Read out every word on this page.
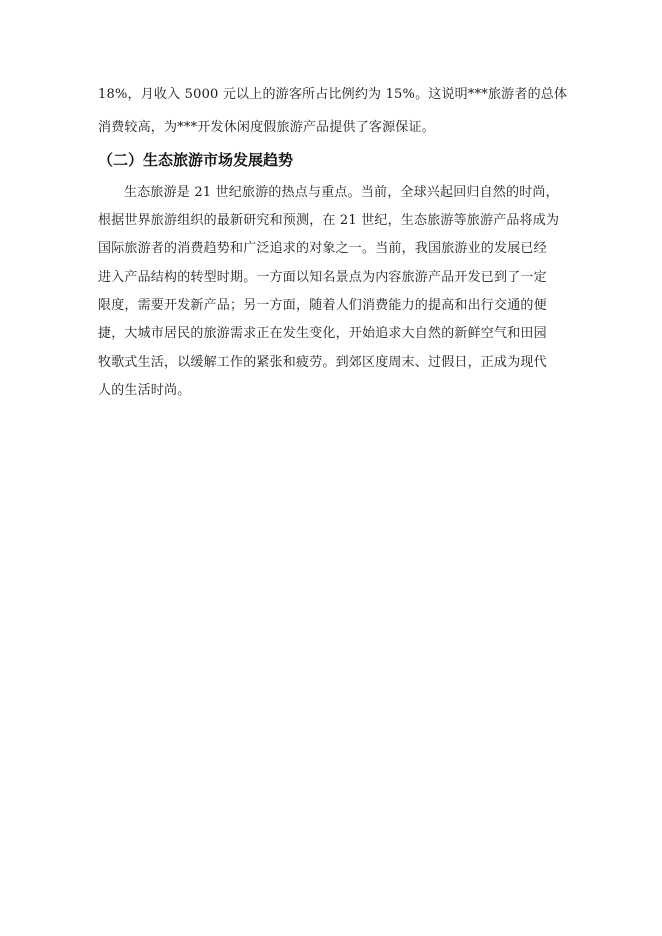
18%，月收入 5000 元以上的游客所占比例约为 15%。这说明***旅游者的总体
消费较高，为***开发休闲度假旅游产品提供了客源保证。
（二）生态旅游市场发展趋势
生态旅游是 21 世纪旅游的热点与重点。当前，全球兴起回归自然的时尚，
根据世界旅游组织的最新研究和预测，在 21 世纪，生态旅游等旅游产品将成为
国际旅游者的消费趋势和广泛追求的对象之一。当前，我国旅游业的发展已经
进入产品结构的转型时期。一方面以知名景点为内容旅游产品开发已到了一定
限度，需要开发新产品；另一方面，随着人们消费能力的提高和出行交通的便
捷，大城市居民的旅游需求正在发生变化，开始追求大自然的新鲜空气和田园
牧歌式生活，以缓解工作的紧张和疲劳。到郊区度周末、过假日，正成为现代
人的生活时尚。
